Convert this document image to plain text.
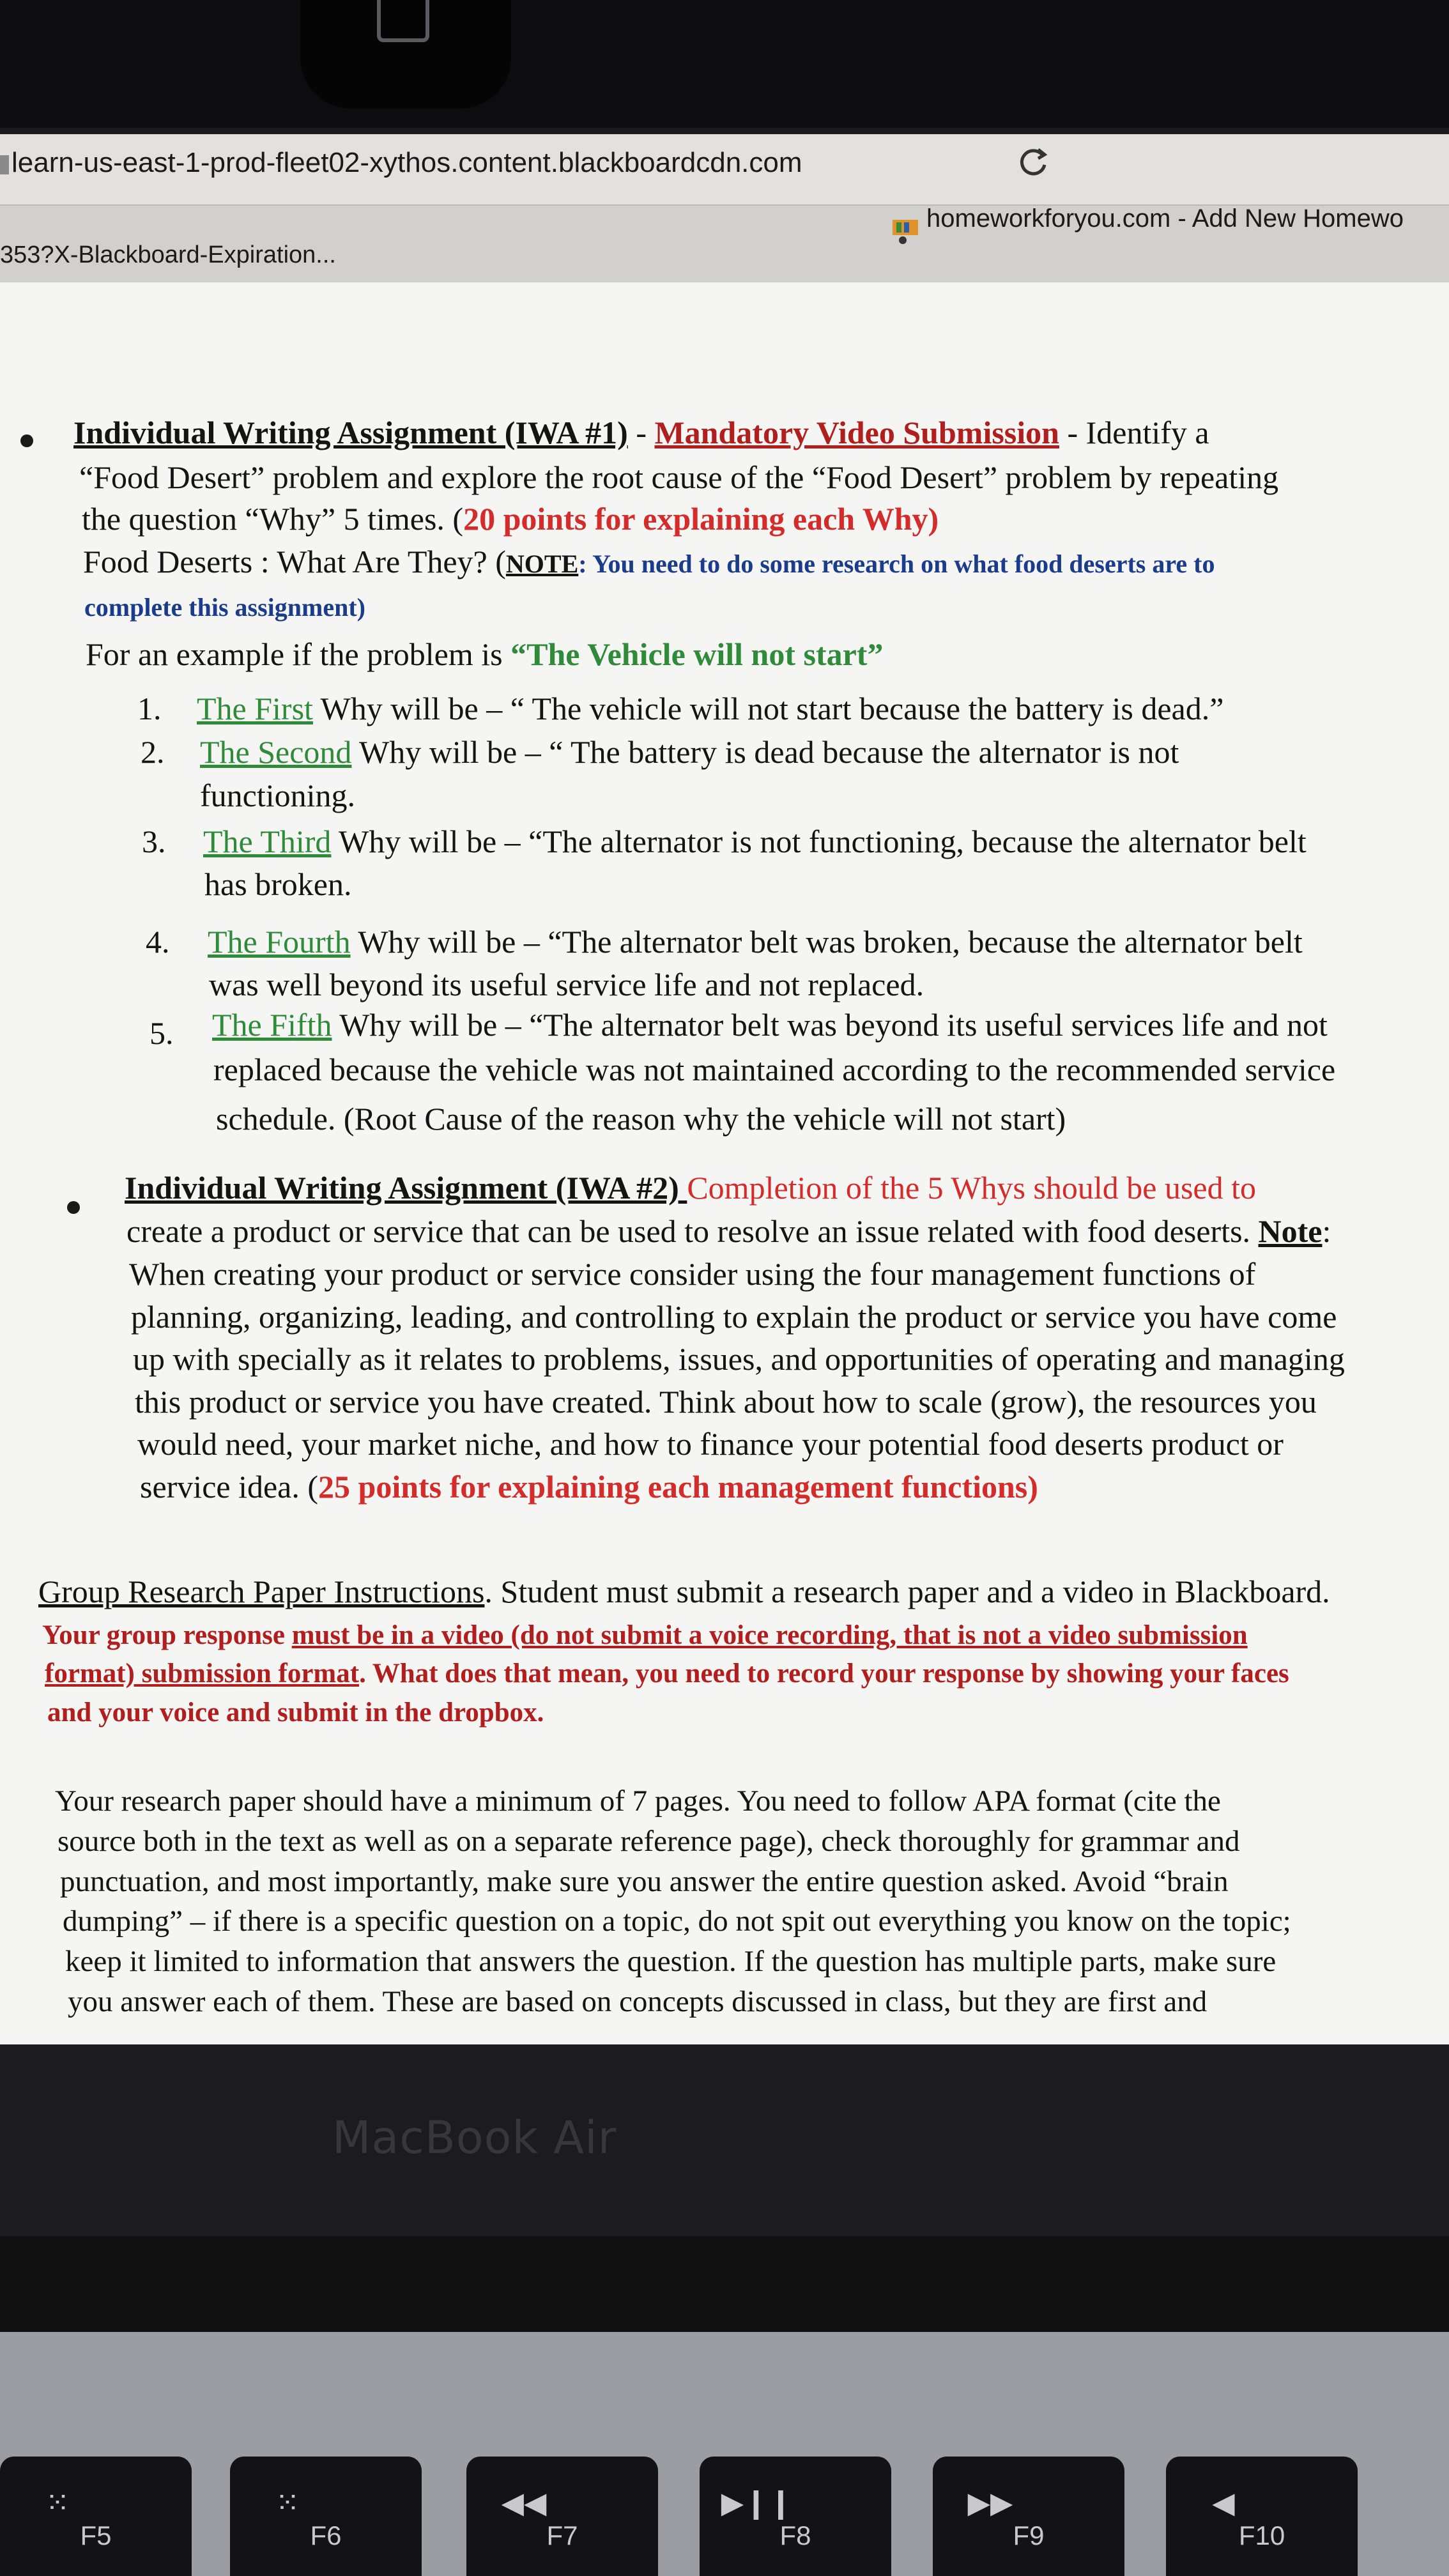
learn-us-east-1-prod-fleet02-xythos.content.blackboardcdn.com
353?X-Blackboard-Expiration...
homeworkforyou.com - Add New Homewo
Individual Writing Assignment (IWA #1) - Mandatory Video Submission - Identify a
“Food Desert” problem and explore the root cause of the “Food Desert” problem by repeating
the question “Why” 5 times. (20 points for explaining each Why)
Food Deserts : What Are They? (NOTE: You need to do some research on what food deserts are to
complete this assignment)
For an example if the problem is “The Vehicle will not start”
1. The First Why will be – “ The vehicle will not start because the battery is dead.”
2. The Second Why will be – “ The battery is dead because the alternator is not
functioning.
3. The Third Why will be – “The alternator is not functioning, because the alternator belt
has broken.
4. The Fourth Why will be – “The alternator belt was broken, because the alternator belt
was well beyond its useful service life and not replaced.
5. The Fifth Why will be – “The alternator belt was beyond its useful services life and not
replaced because the vehicle was not maintained according to the recommended service
schedule. (Root Cause of the reason why the vehicle will not start)
Individual Writing Assignment (IWA #2) Completion of the 5 Whys should be used to
create a product or service that can be used to resolve an issue related with food deserts. Note:
When creating your product or service consider using the four management functions of
planning, organizing, leading, and controlling to explain the product or service you have come
up with specially as it relates to problems, issues, and opportunities of operating and managing
this product or service you have created. Think about how to scale (grow), the resources you
would need, your market niche, and how to finance your potential food deserts product or
service idea. (25 points for explaining each management functions)
Group Research Paper Instructions. Student must submit a research paper and a video in Blackboard.
Your group response must be in a video (do not submit a voice recording, that is not a video submission
format) submission format. What does that mean, you need to record your response by showing your faces
and your voice and submit in the dropbox.
Your research paper should have a minimum of 7 pages. You need to follow APA format (cite the
source both in the text as well as on a separate reference page), check thoroughly for grammar and
punctuation, and most importantly, make sure you answer the entire question asked. Avoid “brain
dumping” – if there is a specific question on a topic, do not spit out everything you know on the topic;
keep it limited to information that answers the question. If the question has multiple parts, make sure
you answer each of them. These are based on concepts discussed in class, but they are first and
MacBook Air
⁙
F5
⁙
F6
◀◀
F7
▶❙❙
F8
▶▶
F9
◀
F10
